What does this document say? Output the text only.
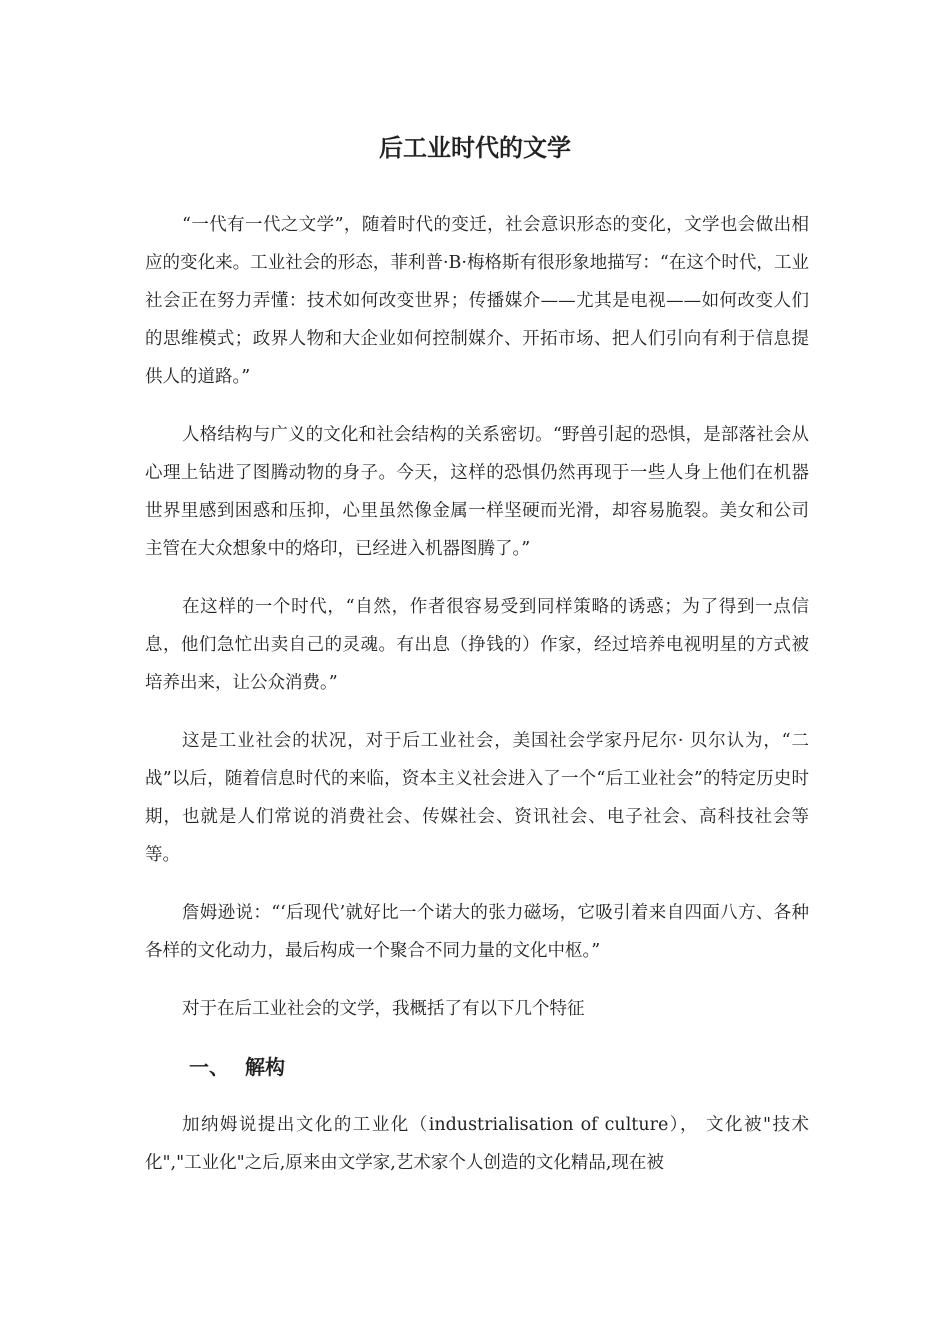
后工业时代的文学

“一代有一代之文学”，随着时代的变迁，社会意识形态的变化，文学也会做出相应的变化来。工业社会的形态，菲利普·B·梅格斯有很形象地描写：“在这个时代，工业社会正在努力弄懂：技术如何改变世界；传播媒介——尤其是电视——如何改变人们的思维模式；政界人物和大企业如何控制媒介、开拓市场、把人们引向有利于信息提供人的道路。”

人格结构与广义的文化和社会结构的关系密切。“野兽引起的恐惧，是部落社会从心理上钻进了图腾动物的身子。今天，这样的恐惧仍然再现于一些人身上他们在机器世界里感到困惑和压抑，心里虽然像金属一样坚硬而光滑，却容易脆裂。美女和公司主管在大众想象中的烙印，已经进入机器图腾了。”

在这样的一个时代，“自然，作者很容易受到同样策略的诱惑；为了得到一点信息，他们急忙出卖自己的灵魂。有出息（挣钱的）作家，经过培养电视明星的方式被培养出来，让公众消费。”

这是工业社会的状况，对于后工业社会，美国社会学家丹尼尔· 贝尔认为，“二战”以后，随着信息时代的来临，资本主义社会进入了一个“后工业社会”的特定历史时期，也就是人们常说的消费社会、传媒社会、资讯社会、电子社会、高科技社会等等。

詹姆逊说：“‘后现代’就好比一个诺大的张力磁场，它吸引着来自四面八方、各种各样的文化动力，最后构成一个聚合不同力量的文化中枢。”

对于在后工业社会的文学，我概括了有以下几个特征

一、 解构

加纳姆说提出文化的工业化（industrialisation of culture）， 文化被"技术化","工业化"之后,原来由文学家,艺术家个人创造的文化精品,现在被
